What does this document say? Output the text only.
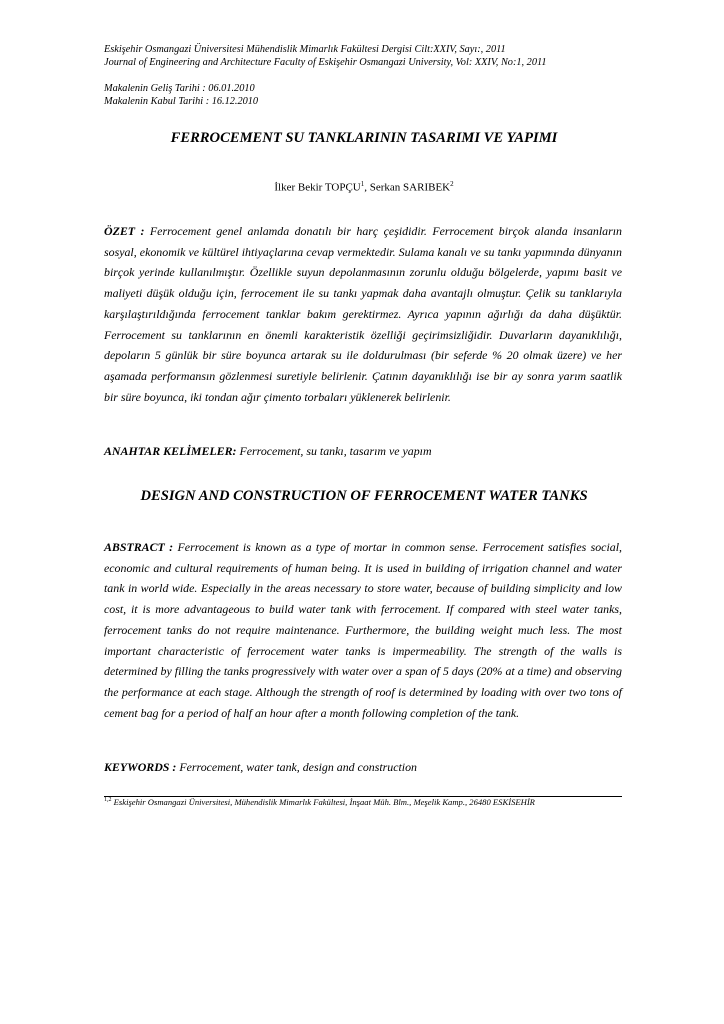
Eskişehir Osmangazi Üniversitesi Mühendislik Mimarlık Fakültesi Dergisi Cilt:XXIV, Sayı:, 2011
Journal of Engineering and Architecture Faculty of Eskişehir Osmangazi University, Vol: XXIV, No:1, 2011
Makalenin Geliş Tarihi : 06.01.2010
Makalenin Kabul Tarihi : 16.12.2010
FERROCEMENT SU TANKLARININ TASARIMI VE YAPIMI
İlker Bekir TOPÇU$^1$, Serkan SARIBEK$^2$
ÖZET : Ferrocement genel anlamda donatılı bir harç çeşididir. Ferrocement birçok alanda insanların sosyal, ekonomik ve kültürel ihtiyaçlarına cevap vermektedir. Sulama kanalı ve su tankı yapımında dünyanın birçok yerinde kullanılmıştır. Özellikle suyun depolanmasının zorunlu olduğu bölgelerde, yapımı basit ve maliyeti düşük olduğu için, ferrocement ile su tankı yapmak daha avantajlı olmuştur. Çelik su tanklarıyla karşılaştırıldığında ferrocement tanklar bakım gerektirmez. Ayrıca yapının ağırlığı da daha düşüktür. Ferrocement su tanklarının en önemli karakteristik özelliği geçirimsizliğidir. Duvarların dayanıklılığı, depoların 5 günlük bir süre boyunca artarak su ile doldurulması (bir seferde % 20 olmak üzere) ve her aşamada performansın gözlenmesi suretiyle belirlenir. Çatının dayanıklılığı ise bir ay sonra yarım saatlik bir süre boyunca, iki tondan ağır çimento torbaları yüklenerek belirlenir.
ANAHTAR KELİMELER: Ferrocement, su tankı, tasarım ve yapım
DESIGN AND CONSTRUCTION OF FERROCEMENT WATER TANKS
ABSTRACT : Ferrocement is known as a type of mortar in common sense. Ferrocement satisfies social, economic and cultural requirements of human being. It is used in building of irrigation channel and water tank in world wide. Especially in the areas necessary to store water, because of building simplicity and low cost, it is more advantageous to build water tank with ferrocement. If compared with steel water tanks, ferrocement tanks do not require maintenance. Furthermore, the building weight much less. The most important characteristic of ferrocement water tanks is impermeability. The strength of the walls is determined by filling the tanks progressively with water over a span of 5 days (20% at a time) and observing the performance at each stage. Although the strength of roof is determined by loading with over two tons of cement bag for a period of half an hour after a month following completion of the tank.
KEYWORDS : Ferrocement, water tank, design and construction
$^{1,2}$ Eskişehir Osmangazi Üniversitesi, Mühendislik Mimarlık Fakültesi, İnşaat Müh. Blm., Meşelik Kamp., 26480 ESKİSEHİR
